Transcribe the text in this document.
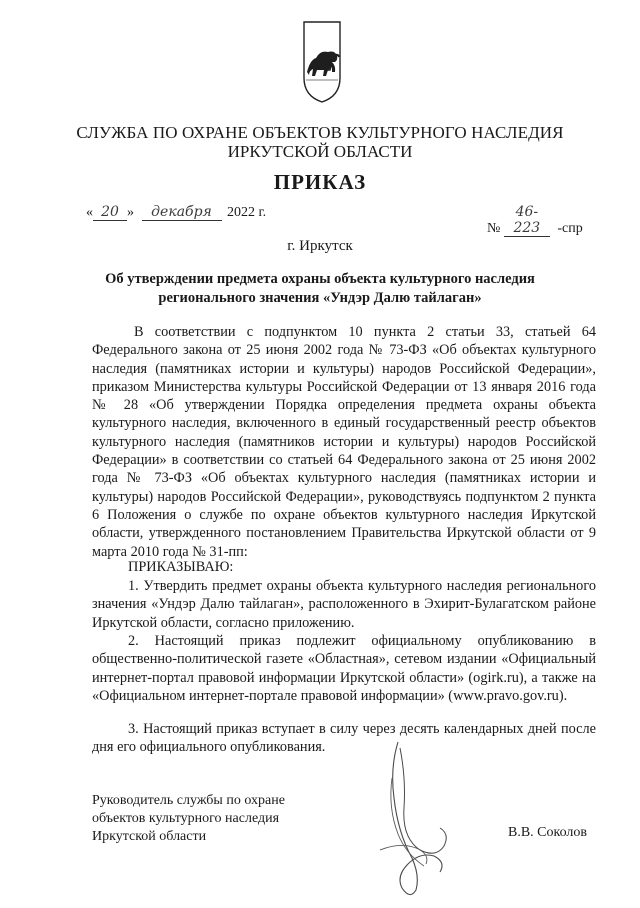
СЛУЖБА ПО ОХРАНЕ ОБЪЕКТОВ КУЛЬТУРНОГО НАСЛЕДИЯ
ИРКУТСКОЙ ОБЛАСТИ
ПРИКАЗ
« 20 » декабря 2022 г.
№ 46-223 -спр
г. Иркутск
Об утверждении предмета охраны объекта культурного наследия
регионального значения «Ундэр Далю тайлаган»
В соответствии с подпунктом 10 пункта 2 статьи 33, статьей 64 Федерального закона от 25 июня 2002 года № 73-ФЗ «Об объектах культурного наследия (памятниках истории и культуры) народов Российской Федерации», приказом Министерства культуры Российской Федерации от 13 января 2016 года № 28 «Об утверждении Порядка определения предмета охраны объекта культурного наследия, включенного в единый государственный реестр объектов культурного наследия (памятников истории и культуры) народов Российской Федерации» в соответствии со статьей 64 Федерального закона от 25 июня 2002 года № 73-ФЗ «Об объектах культурного наследия (памятниках истории и культуры) народов Российской Федерации», руководствуясь подпунктом 2 пункта 6 Положения о службе по охране объектов культурного наследия Иркутской области, утвержденного постановлением Правительства Иркутской области от 9 марта 2010 года № 31-пп:
ПРИКАЗЫВАЮ:
1. Утвердить предмет охраны объекта культурного наследия регионального значения «Ундэр Далю тайлаган», расположенного в Эхирит-Булагатском районе Иркутской области, согласно приложению.
2. Настоящий приказ подлежит официальному опубликованию в общественно-политической газете «Областная», сетевом издании «Официальный интернет-портал правовой информации Иркутской области» (ogirk.ru), а также на «Официальном интернет-портале правовой информации» (www.pravo.gov.ru).
3. Настоящий приказ вступает в силу через десять календарных дней после дня его официального опубликования.
Руководитель службы по охране
объектов культурного наследия
Иркутской области	В.В. Соколов
